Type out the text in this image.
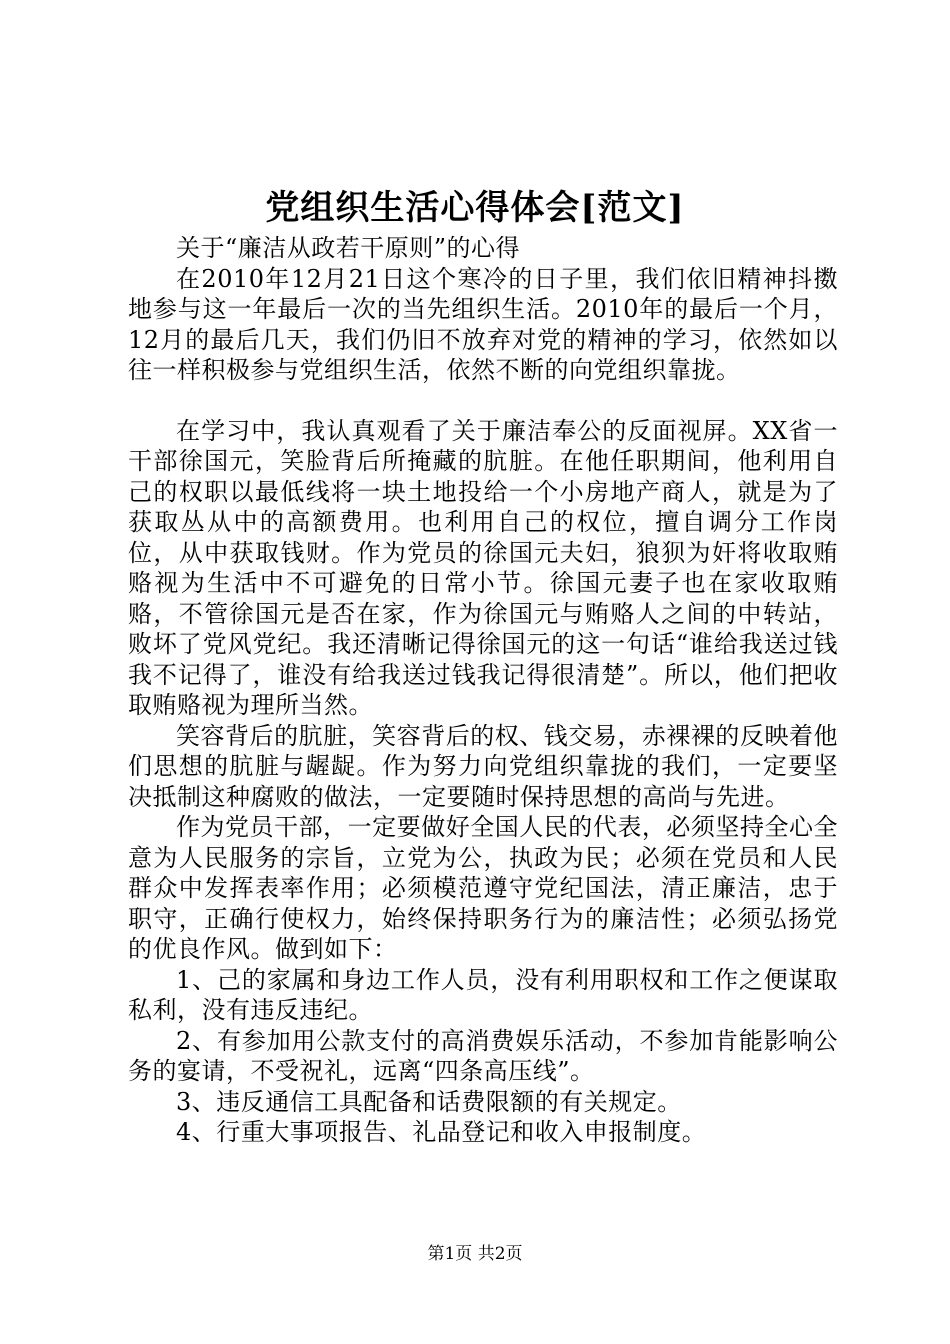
党组织生活心得体会[范文]

关于“廉洁从政若干原则”的心得

在2010年12月21日这个寒冷的日子里，我们依旧精神抖擞地参与这一年最后一次的当先组织生活。2010年的最后一个月，12月的最后几天，我们仍旧不放弃对党的精神的学习，依然如以往一样积极参与党组织生活，依然不断的向党组织靠拢。

在学习中，我认真观看了关于廉洁奉公的反面视屏。XX省一干部徐国元，笑脸背后所掩藏的肮脏。在他任职期间，他利用自己的权职以最低线将一块土地投给一个小房地产商人，就是为了获取丛从中的高额费用。也利用自己的权位，擅自调分工作岗位，从中获取钱财。作为党员的徐国元夫妇，狼狈为奸将收取贿赂视为生活中不可避免的日常小节。徐国元妻子也在家收取贿赂，不管徐国元是否在家，作为徐国元与贿赂人之间的中转站，败坏了党风党纪。我还清晰记得徐国元的这一句话“谁给我送过钱我不记得了，谁没有给我送过钱我记得很清楚”。所以，他们把收取贿赂视为理所当然。

笑容背后的肮脏，笑容背后的权、钱交易，赤裸裸的反映着他们思想的肮脏与龌龊。作为努力向党组织靠拢的我们，一定要坚决抵制这种腐败的做法，一定要随时保持思想的高尚与先进。

作为党员干部，一定要做好全国人民的代表，必须坚持全心全意为人民服务的宗旨，立党为公，执政为民；必须在党员和人民群众中发挥表率作用；必须模范遵守党纪国法，清正廉洁，忠于职守，正确行使权力，始终保持职务行为的廉洁性；必须弘扬党的优良作风。做到如下：

1、己的家属和身边工作人员，没有利用职权和工作之便谋取私利，没有违反违纪。

2、有参加用公款支付的高消费娱乐活动，不参加肯能影响公务的宴请，不受祝礼，远离“四条高压线”。

3、违反通信工具配备和话费限额的有关规定。

4、行重大事项报告、礼品登记和收入申报制度。

第1页 共2页
